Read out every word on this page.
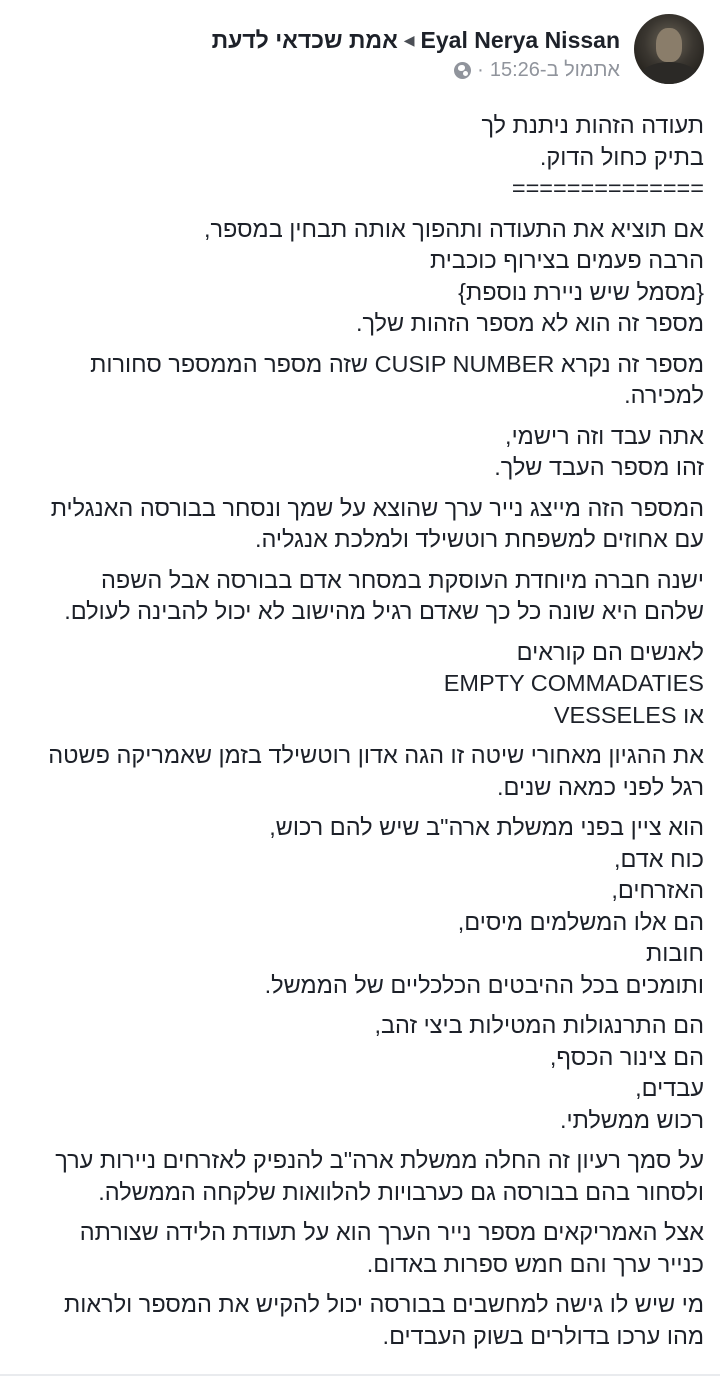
Eyal Nerya Nissan
◀
אמת שכדאי לדעת
אתמול ב-15:26
·
תעודה הזהות ניתנת לך
בתיק כחול הדוק.
==============
אם תוציא את התעודה ותהפוך אותה תבחין במספר,
הרבה פעמים בצירוף כוכבית
{מסמל שיש ניירת נוספת}
מספר זה הוא לא מספר הזהות שלך.
מספר זה נקרא CUSIP NUMBER שזה מספר הממספר סחורות
למכירה.
אתה עבד וזה רישמי,
זהו מספר העבד שלך.
המספר הזה מייצג נייר ערך שהוצא על שמך ונסחר בבורסה האנגלית
עם אחוזים למשפחת רוטשילד ולמלכת אנגליה.
ישנה חברה מיוחדת העוסקת במסחר אדם בבורסה אבל השפה
שלהם היא שונה כל כך שאדם רגיל מהישוב לא יכול להבינה לעולם.
לאנשים הם קוראים
EMPTY COMMADATIES
או VESSELES
את ההגיון מאחורי שיטה זו הגה אדון רוטשילד בזמן שאמריקה פשטה
רגל לפני כמאה שנים.
הוא ציין בפני ממשלת ארה"ב שיש להם רכוש,
כוח אדם,
האזרחים,
הם אלו המשלמים מיסים,
חובות
ותומכים בכל ההיבטים הכלכליים של הממשל.
הם התרנגולות המטילות ביצי זהב,
הם צינור הכסף,
עבדים,
רכוש ממשלתי.
על סמך רעיון זה החלה ממשלת ארה"ב להנפיק לאזרחים ניירות ערך
ולסחור בהם בבורסה גם כערבויות להלוואות שלקחה הממשלה.
אצל האמריקאים מספר נייר הערך הוא על תעודת הלידה שצורתה
כנייר ערך והם חמש ספרות באדום.
מי שיש לו גישה למחשבים בבורסה יכול להקיש את המספר ולראות
מהו ערכו בדולרים בשוק העבדים.
